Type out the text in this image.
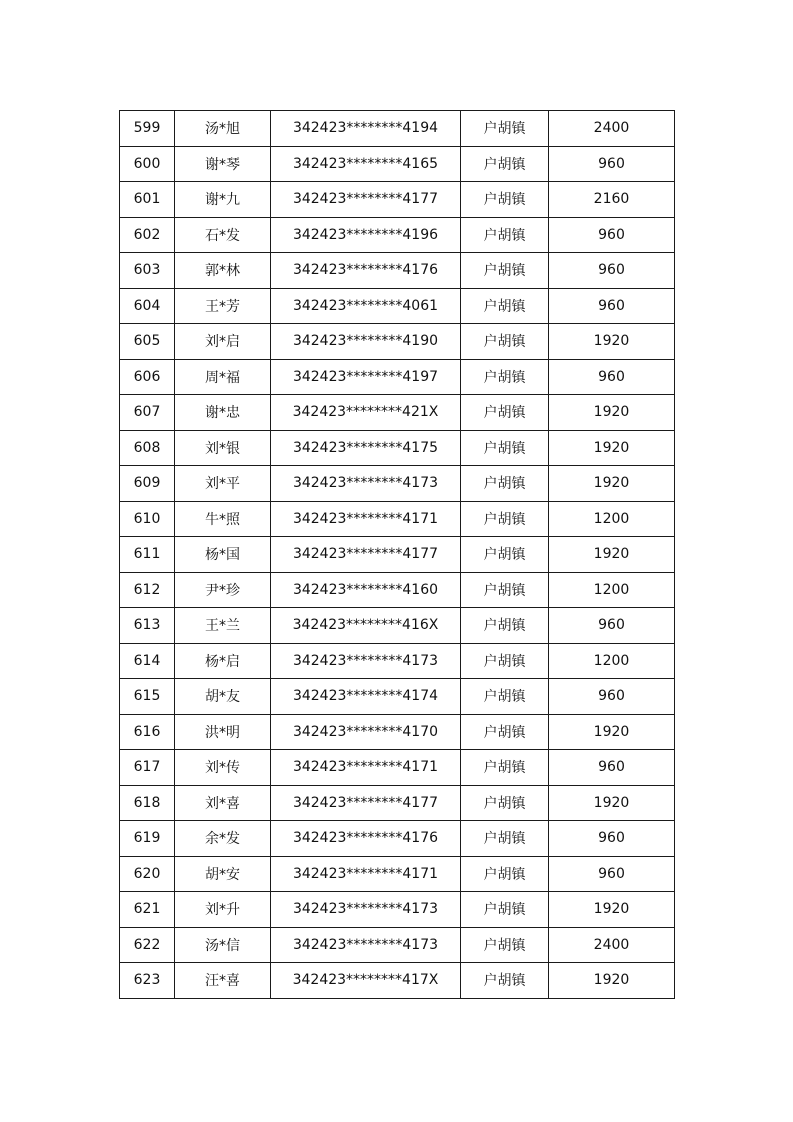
599	汤*旭	342423********4194	户胡镇	2400
600	谢*琴	342423********4165	户胡镇	960
601	谢*九	342423********4177	户胡镇	2160
602	石*发	342423********4196	户胡镇	960
603	郭*林	342423********4176	户胡镇	960
604	王*芳	342423********4061	户胡镇	960
605	刘*启	342423********4190	户胡镇	1920
606	周*福	342423********4197	户胡镇	960
607	谢*忠	342423********421X	户胡镇	1920
608	刘*银	342423********4175	户胡镇	1920
609	刘*平	342423********4173	户胡镇	1920
610	牛*照	342423********4171	户胡镇	1200
611	杨*国	342423********4177	户胡镇	1920
612	尹*珍	342423********4160	户胡镇	1200
613	王*兰	342423********416X	户胡镇	960
614	杨*启	342423********4173	户胡镇	1200
615	胡*友	342423********4174	户胡镇	960
616	洪*明	342423********4170	户胡镇	1920
617	刘*传	342423********4171	户胡镇	960
618	刘*喜	342423********4177	户胡镇	1920
619	余*发	342423********4176	户胡镇	960
620	胡*安	342423********4171	户胡镇	960
621	刘*升	342423********4173	户胡镇	1920
622	汤*信	342423********4173	户胡镇	2400
623	汪*喜	342423********417X	户胡镇	1920
